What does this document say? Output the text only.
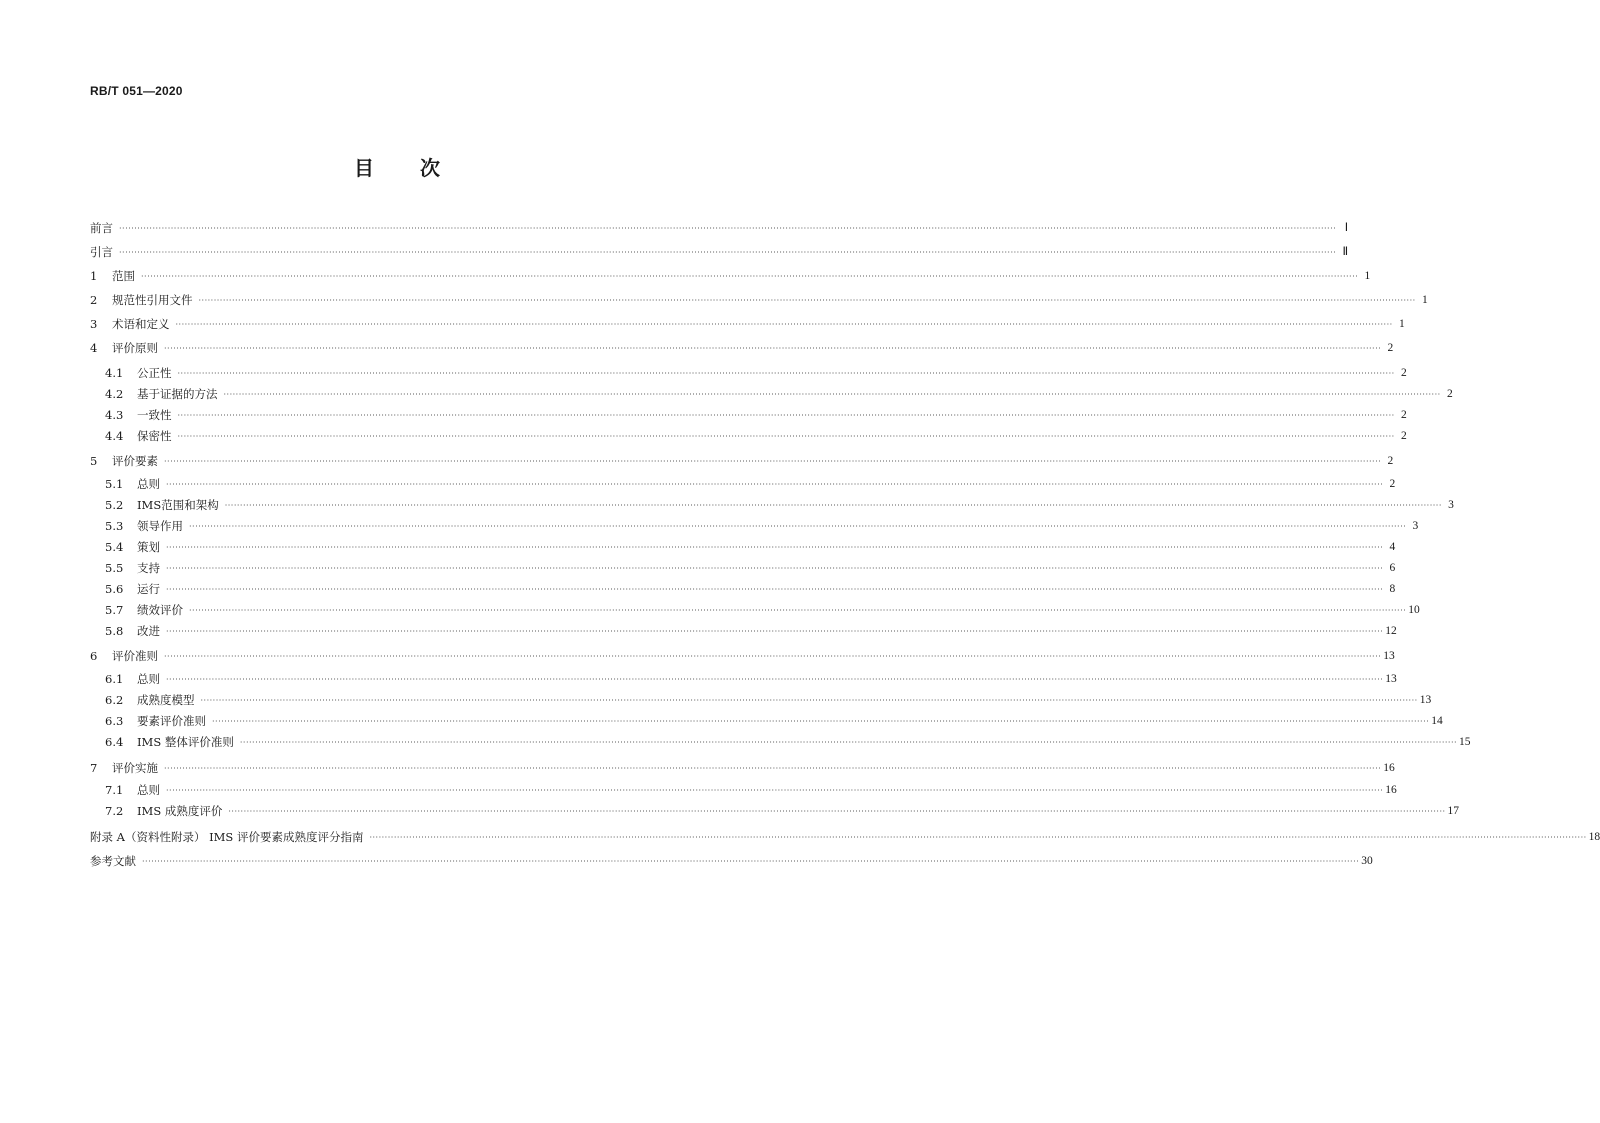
RB/T 051—2020
目 次
前言 ················································································································································································································································································································································································································ Ⅰ
引言 ················································································································································································································································································································································································································ Ⅱ
1	范围 ················································································································································································································································································································································································································ 1
2	规范性引用文件 ················································································································································································································································································································································································································ 1
3	术语和定义 ················································································································································································································································································································································································································ 1
4	评价原则 ················································································································································································································································································································································································································ 2
4.1	公正性 ················································································································································································································································································································································································································ 2
4.2	基于证据的方法 ················································································································································································································································································································································································································ 2
4.3	一致性 ················································································································································································································································································································································································································ 2
4.4	保密性 ················································································································································································································································································································································································································ 2
5	评价要素 ················································································································································································································································································································································································································ 2
5.1	总则 ················································································································································································································································································································································································································ 2
5.2	IMS范围和架构 ················································································································································································································································································································································································································ 3
5.3	领导作用 ················································································································································································································································································································································································································ 3
5.4	策划 ················································································································································································································································································································································································································ 4
5.5	支持 ················································································································································································································································································································································································································ 6
5.6	运行 ················································································································································································································································································································································································································ 8
5.7	绩效评价 ················································································································································································································································································································································································································ 10
5.8	改进 ················································································································································································································································································································································································································ 12
6	评价准则 ················································································································································································································································································································································································································ 13
6.1	总则 ················································································································································································································································································································································································································ 13
6.2	成熟度模型 ················································································································································································································································································································································································································ 13
6.3	要素评价准则 ················································································································································································································································································································································································································ 14
6.4	IMS 整体评价准则 ················································································································································································································································································································································································································ 15
7	评价实施 ················································································································································································································································································································································································································ 16
7.1	总则 ················································································································································································································································································································································································································ 16
7.2	IMS 成熟度评价 ················································································································································································································································································································································································································ 17
附录 A（资料性附录） IMS 评价要素成熟度评分指南 ················································································································································································································································································································································································································ 18
参考文献 ················································································································································································································································································································································································································ 30
